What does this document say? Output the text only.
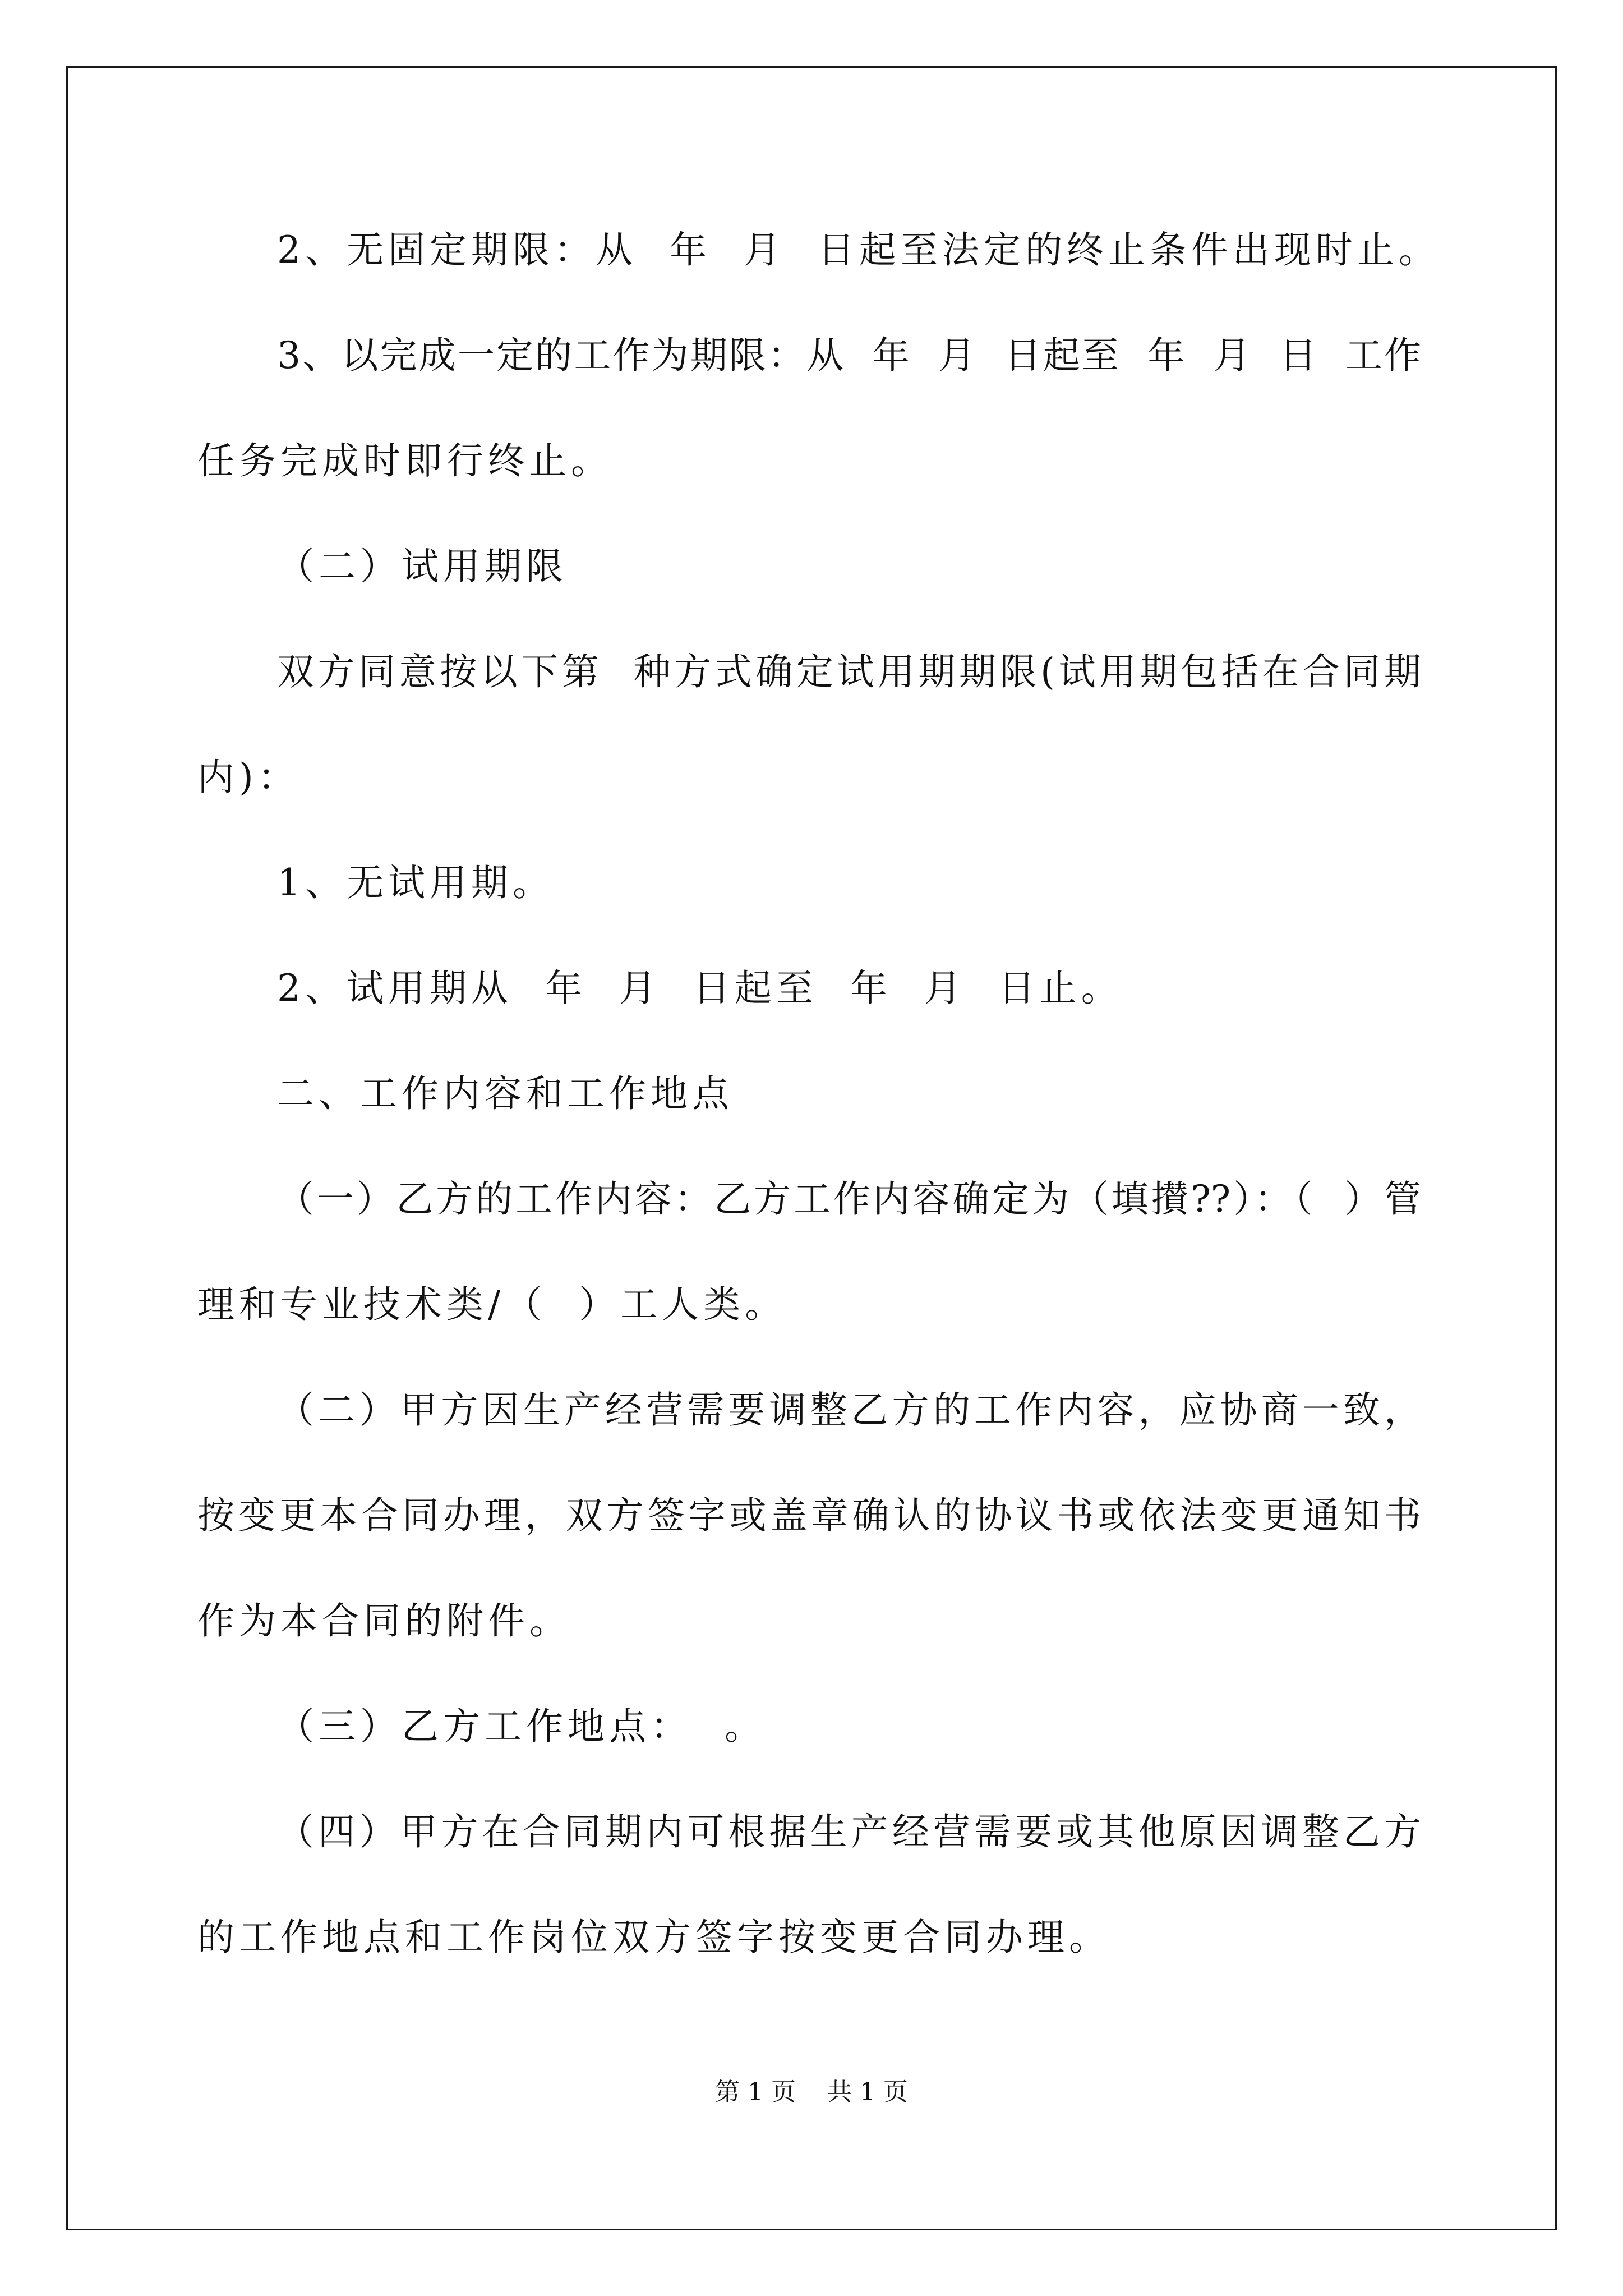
2、无固定期限：从  年  月  日起至法定的终止条件出现时止。
3、以完成一定的工作为期限：从  年  月  日起至  年  月  日  工作
任务完成时即行终止。
（二）试用期限
双方同意按以下第  种方式确定试用期期限(试用期包括在合同期
内)：
1、无试用期。
2、试用期从  年  月  日起至  年  月  日止。
二、工作内容和工作地点
（一）乙方的工作内容：乙方工作内容确定为（填攅??）：（  ）管
理和专业技术类/（  ）工人类。
（二）甲方因生产经营需要调整乙方的工作内容，应协商一致，
按变更本合同办理，双方签字或盖章确认的协议书或依法变更通知书
作为本合同的附件。
（三）乙方工作地点：  。
（四）甲方在合同期内可根据生产经营需要或其他原因调整乙方
的工作地点和工作岗位双方签字按变更合同办理。
第 1 页    共 1 页
